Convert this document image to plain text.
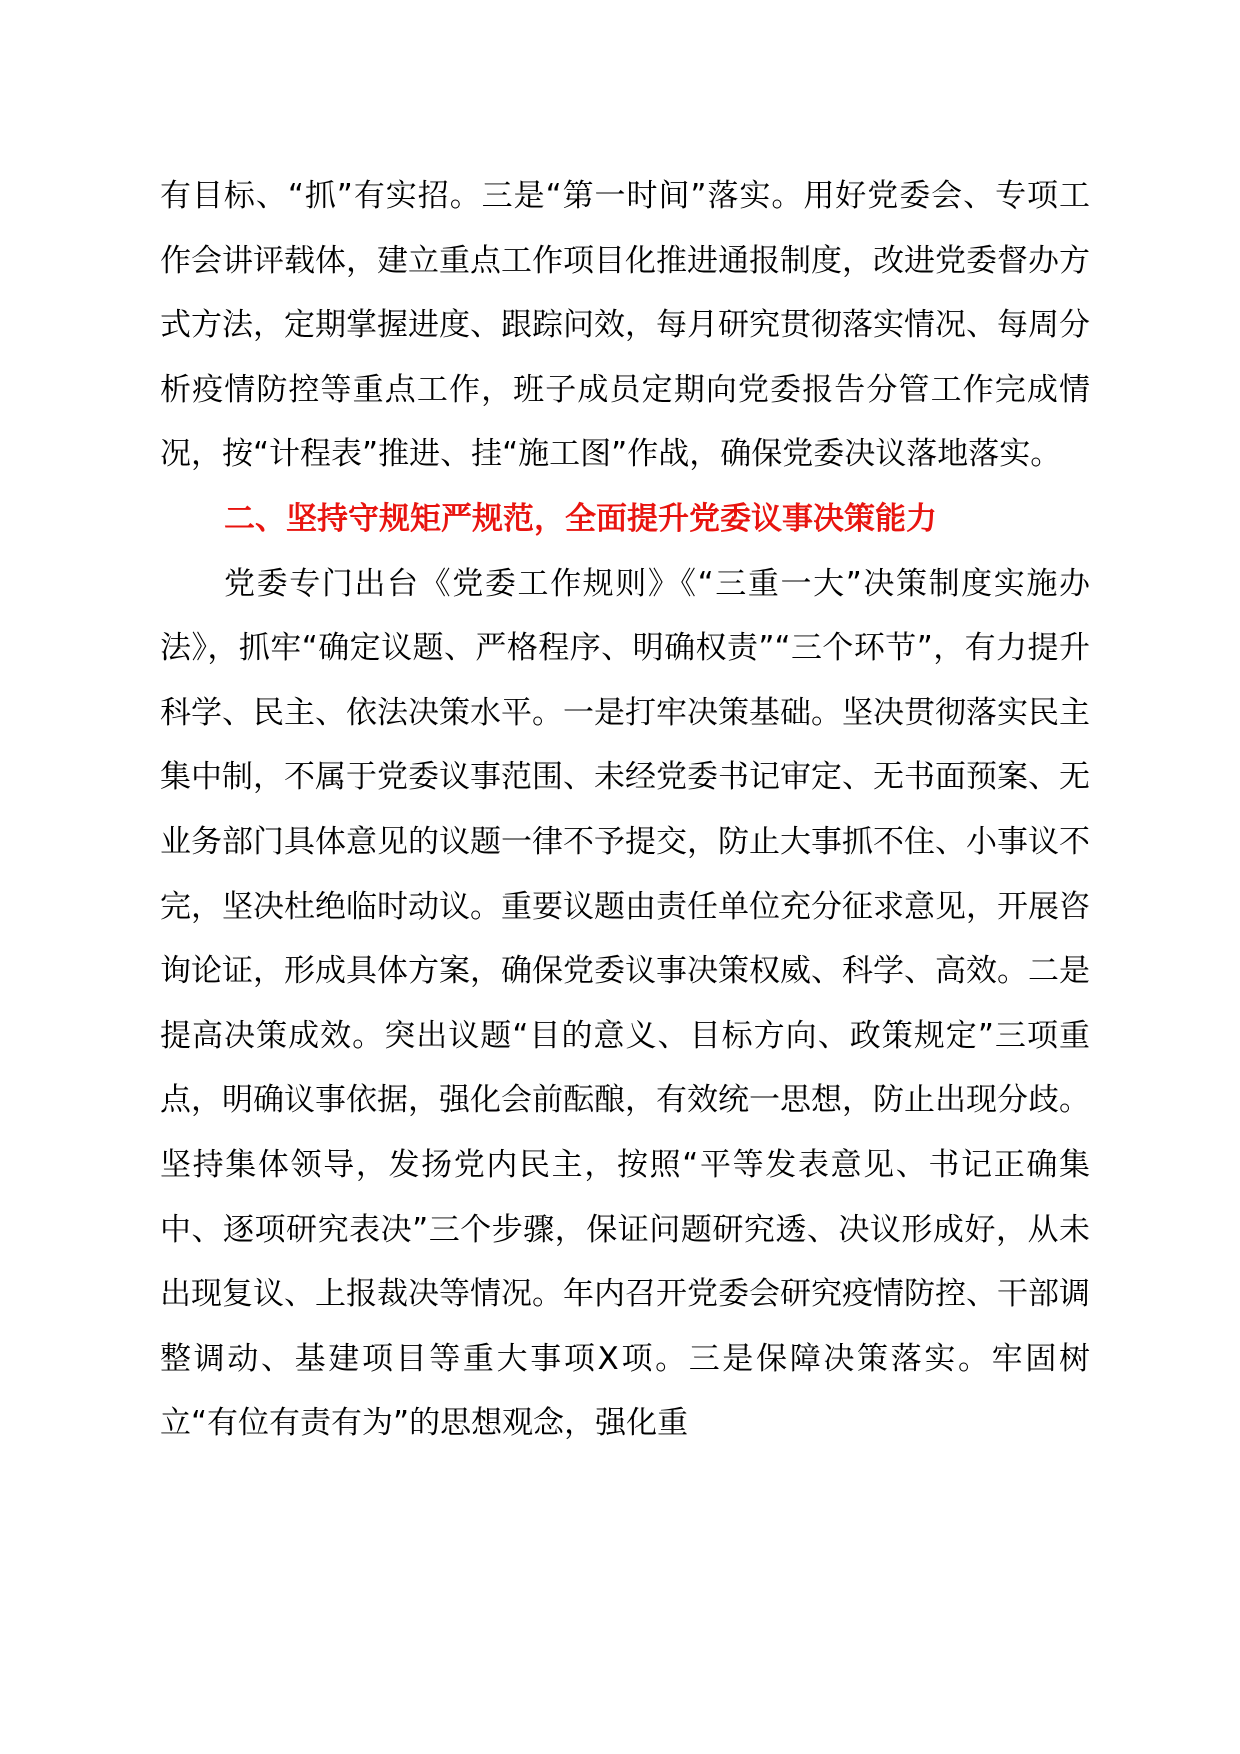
有目标、“抓”有实招。三是“第一时间”落实。用好党委会、专项工作会讲评载体，建立重点工作项目化推进通报制度，改进党委督办方式方法，定期掌握进度、跟踪问效，每月研究贯彻落实情况、每周分析疫情防控等重点工作，班子成员定期向党委报告分管工作完成情况，按“计程表”推进、挂“施工图”作战，确保党委决议落地落实。

二、坚持守规矩严规范，全面提升党委议事决策能力

党委专门出台《党委工作规则》《“三重一大”决策制度实施办法》，抓牢“确定议题、严格程序、明确权责”“三个环节”，有力提升科学、民主、依法决策水平。一是打牢决策基础。坚决贯彻落实民主集中制，不属于党委议事范围、未经党委书记审定、无书面预案、无业务部门具体意见的议题一律不予提交，防止大事抓不住、小事议不完，坚决杜绝临时动议。重要议题由责任单位充分征求意见，开展咨询论证，形成具体方案，确保党委议事决策权威、科学、高效。二是提高决策成效。突出议题“目的意义、目标方向、政策规定”三项重点，明确议事依据，强化会前酝酿，有效统一思想，防止出现分歧。坚持集体领导，发扬党内民主，按照“平等发表意见、书记正确集中、逐项研究表决”三个步骤，保证问题研究透、决议形成好，从未出现复议、上报裁决等情况。年内召开党委会研究疫情防控、干部调整调动、基建项目等重大事项X项。三是保障决策落实。牢固树立“有位有责有为”的思想观念，强化重
